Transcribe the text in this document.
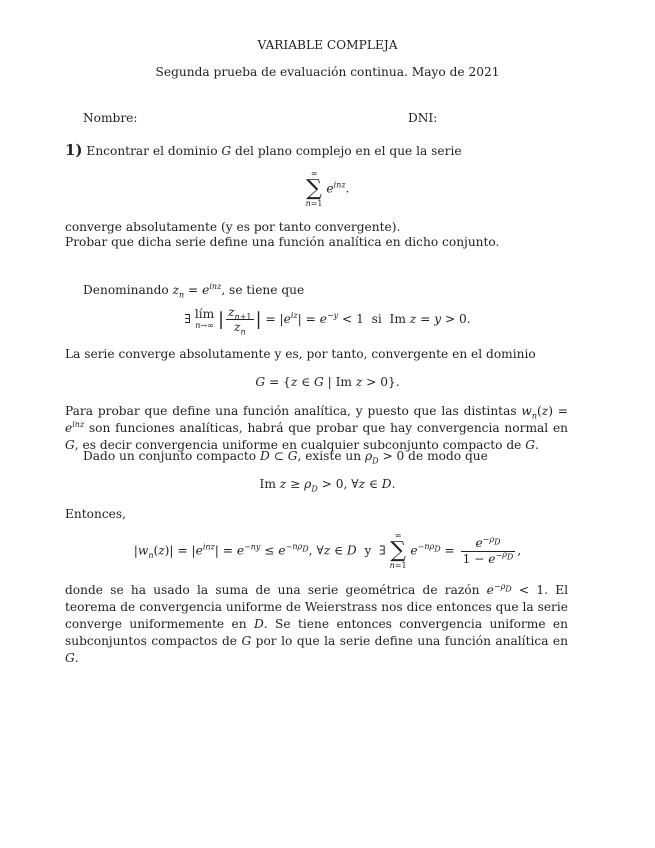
VARIABLE COMPLEJA
Segunda prueba de evaluación continua. Mayo de 2021
Nombre:	DNI:
1) Encontrar el dominio G del plano complejo en el que la serie
∞
∑
n=1
$e^{inz}$.
converge absolutamente (y es por tanto convergente).
Probar que dicha serie define una función analítica en dicho conjunto.
Denominando $z_n = e^{inz}$, se tiene que
∃ lím
n→∞ | $\frac{z_{n+1}}{z_n}$ | = $|e^{iz}| = e^{-y} < 1$  si  Im z = y > 0.
La serie converge absolutamente y es, por tanto, convergente en el dominio
G = {z ∈ G | Im z > 0}.
Para probar que define una función analítica, y puesto que las distintas $w_n(z) = e^{inz}$ son funciones analíticas, habrá que probar que hay convergencia normal en G, es decir convergencia uniforme en cualquier subconjunto compacto de G.
Dado un conjunto compacto D ⊂ G, existe un $\rho_D > 0$ de modo que
Im $z \ge \rho_D > 0$, ∀z ∈ D.
Entonces,
$|w_n(z)| = |e^{inz}| = e^{-ny} \le e^{-n\rho_D}$, ∀z ∈ D  y  ∃
∞
∑
n=1
$e^{-n\rho_D} = \frac{e^{-\rho_D}}{1 - e^{-\rho_D}}$ ,
donde se ha usado la suma de una serie geométrica de razón $e^{-\rho_D} < 1$. El teorema de convergencia uniforme de Weierstrass nos dice entonces que la serie converge uniformemente en D. Se tiene entonces convergencia uniforme en subconjuntos compactos de G por lo que la serie define una función analítica en G.
